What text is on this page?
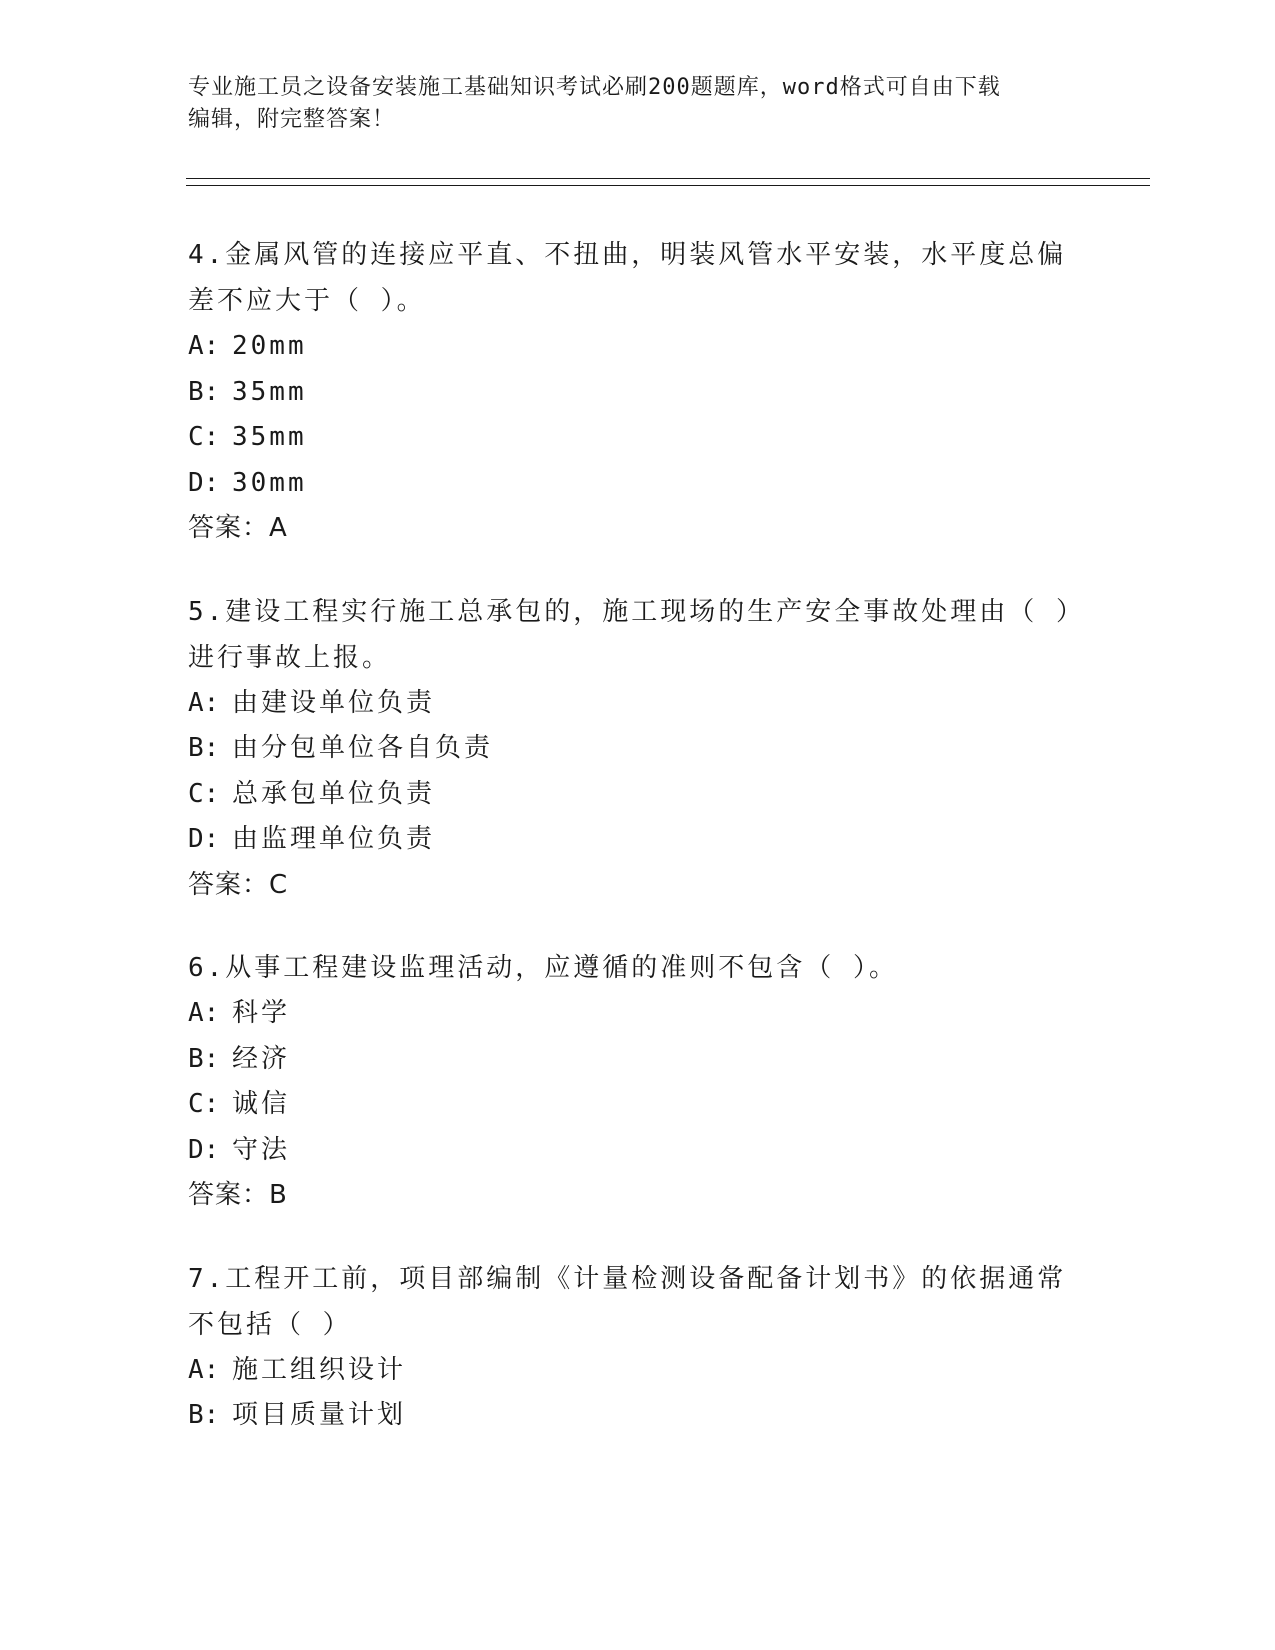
专业施工员之设备安装施工基础知识考试必刷200题题库，word格式可自由下载
编辑，附完整答案！
4.金属风管的连接应平直、不扭曲，明装风管水平安装，水平度总偏
差不应大于（ ）。
A: 20mm
B: 35mm
C: 35mm
D: 30mm
答案：A
5.建设工程实行施工总承包的，施工现场的生产安全事故处理由（ ）
进行事故上报。
A: 由建设单位负责
B: 由分包单位各自负责
C: 总承包单位负责
D: 由监理单位负责
答案：C
6.从事工程建设监理活动，应遵循的准则不包含（ ）。
A: 科学
B: 经济
C: 诚信
D: 守法
答案：B
7.工程开工前，项目部编制《计量检测设备配备计划书》的依据通常
不包括（ ）
A: 施工组织设计
B: 项目质量计划
